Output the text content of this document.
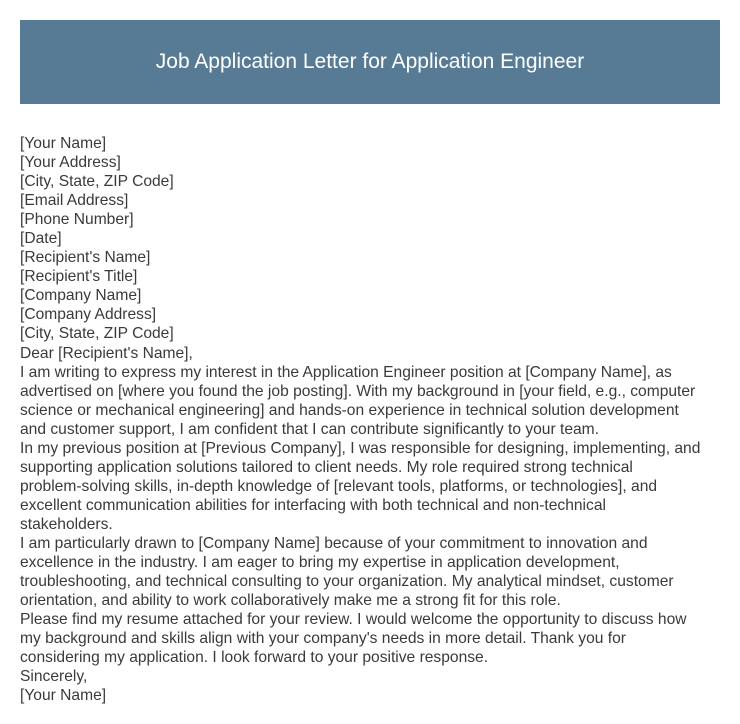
Job Application Letter for Application Engineer
[Your Name]
[Your Address]
[City, State, ZIP Code]
[Email Address]
[Phone Number]
[Date]
[Recipient's Name]
[Recipient's Title]
[Company Name]
[Company Address]
[City, State, ZIP Code]
Dear [Recipient's Name],
I am writing to express my interest in the Application Engineer position at [Company Name], as
advertised on [where you found the job posting]. With my background in [your field, e.g., computer
science or mechanical engineering] and hands-on experience in technical solution development
and customer support, I am confident that I can contribute significantly to your team.
In my previous position at [Previous Company], I was responsible for designing, implementing, and
supporting application solutions tailored to client needs. My role required strong technical
problem-solving skills, in-depth knowledge of [relevant tools, platforms, or technologies], and
excellent communication abilities for interfacing with both technical and non-technical
stakeholders.
I am particularly drawn to [Company Name] because of your commitment to innovation and
excellence in the industry. I am eager to bring my expertise in application development,
troubleshooting, and technical consulting to your organization. My analytical mindset, customer
orientation, and ability to work collaboratively make me a strong fit for this role.
Please find my resume attached for your review. I would welcome the opportunity to discuss how
my background and skills align with your company's needs in more detail. Thank you for
considering my application. I look forward to your positive response.
Sincerely,
[Your Name]
